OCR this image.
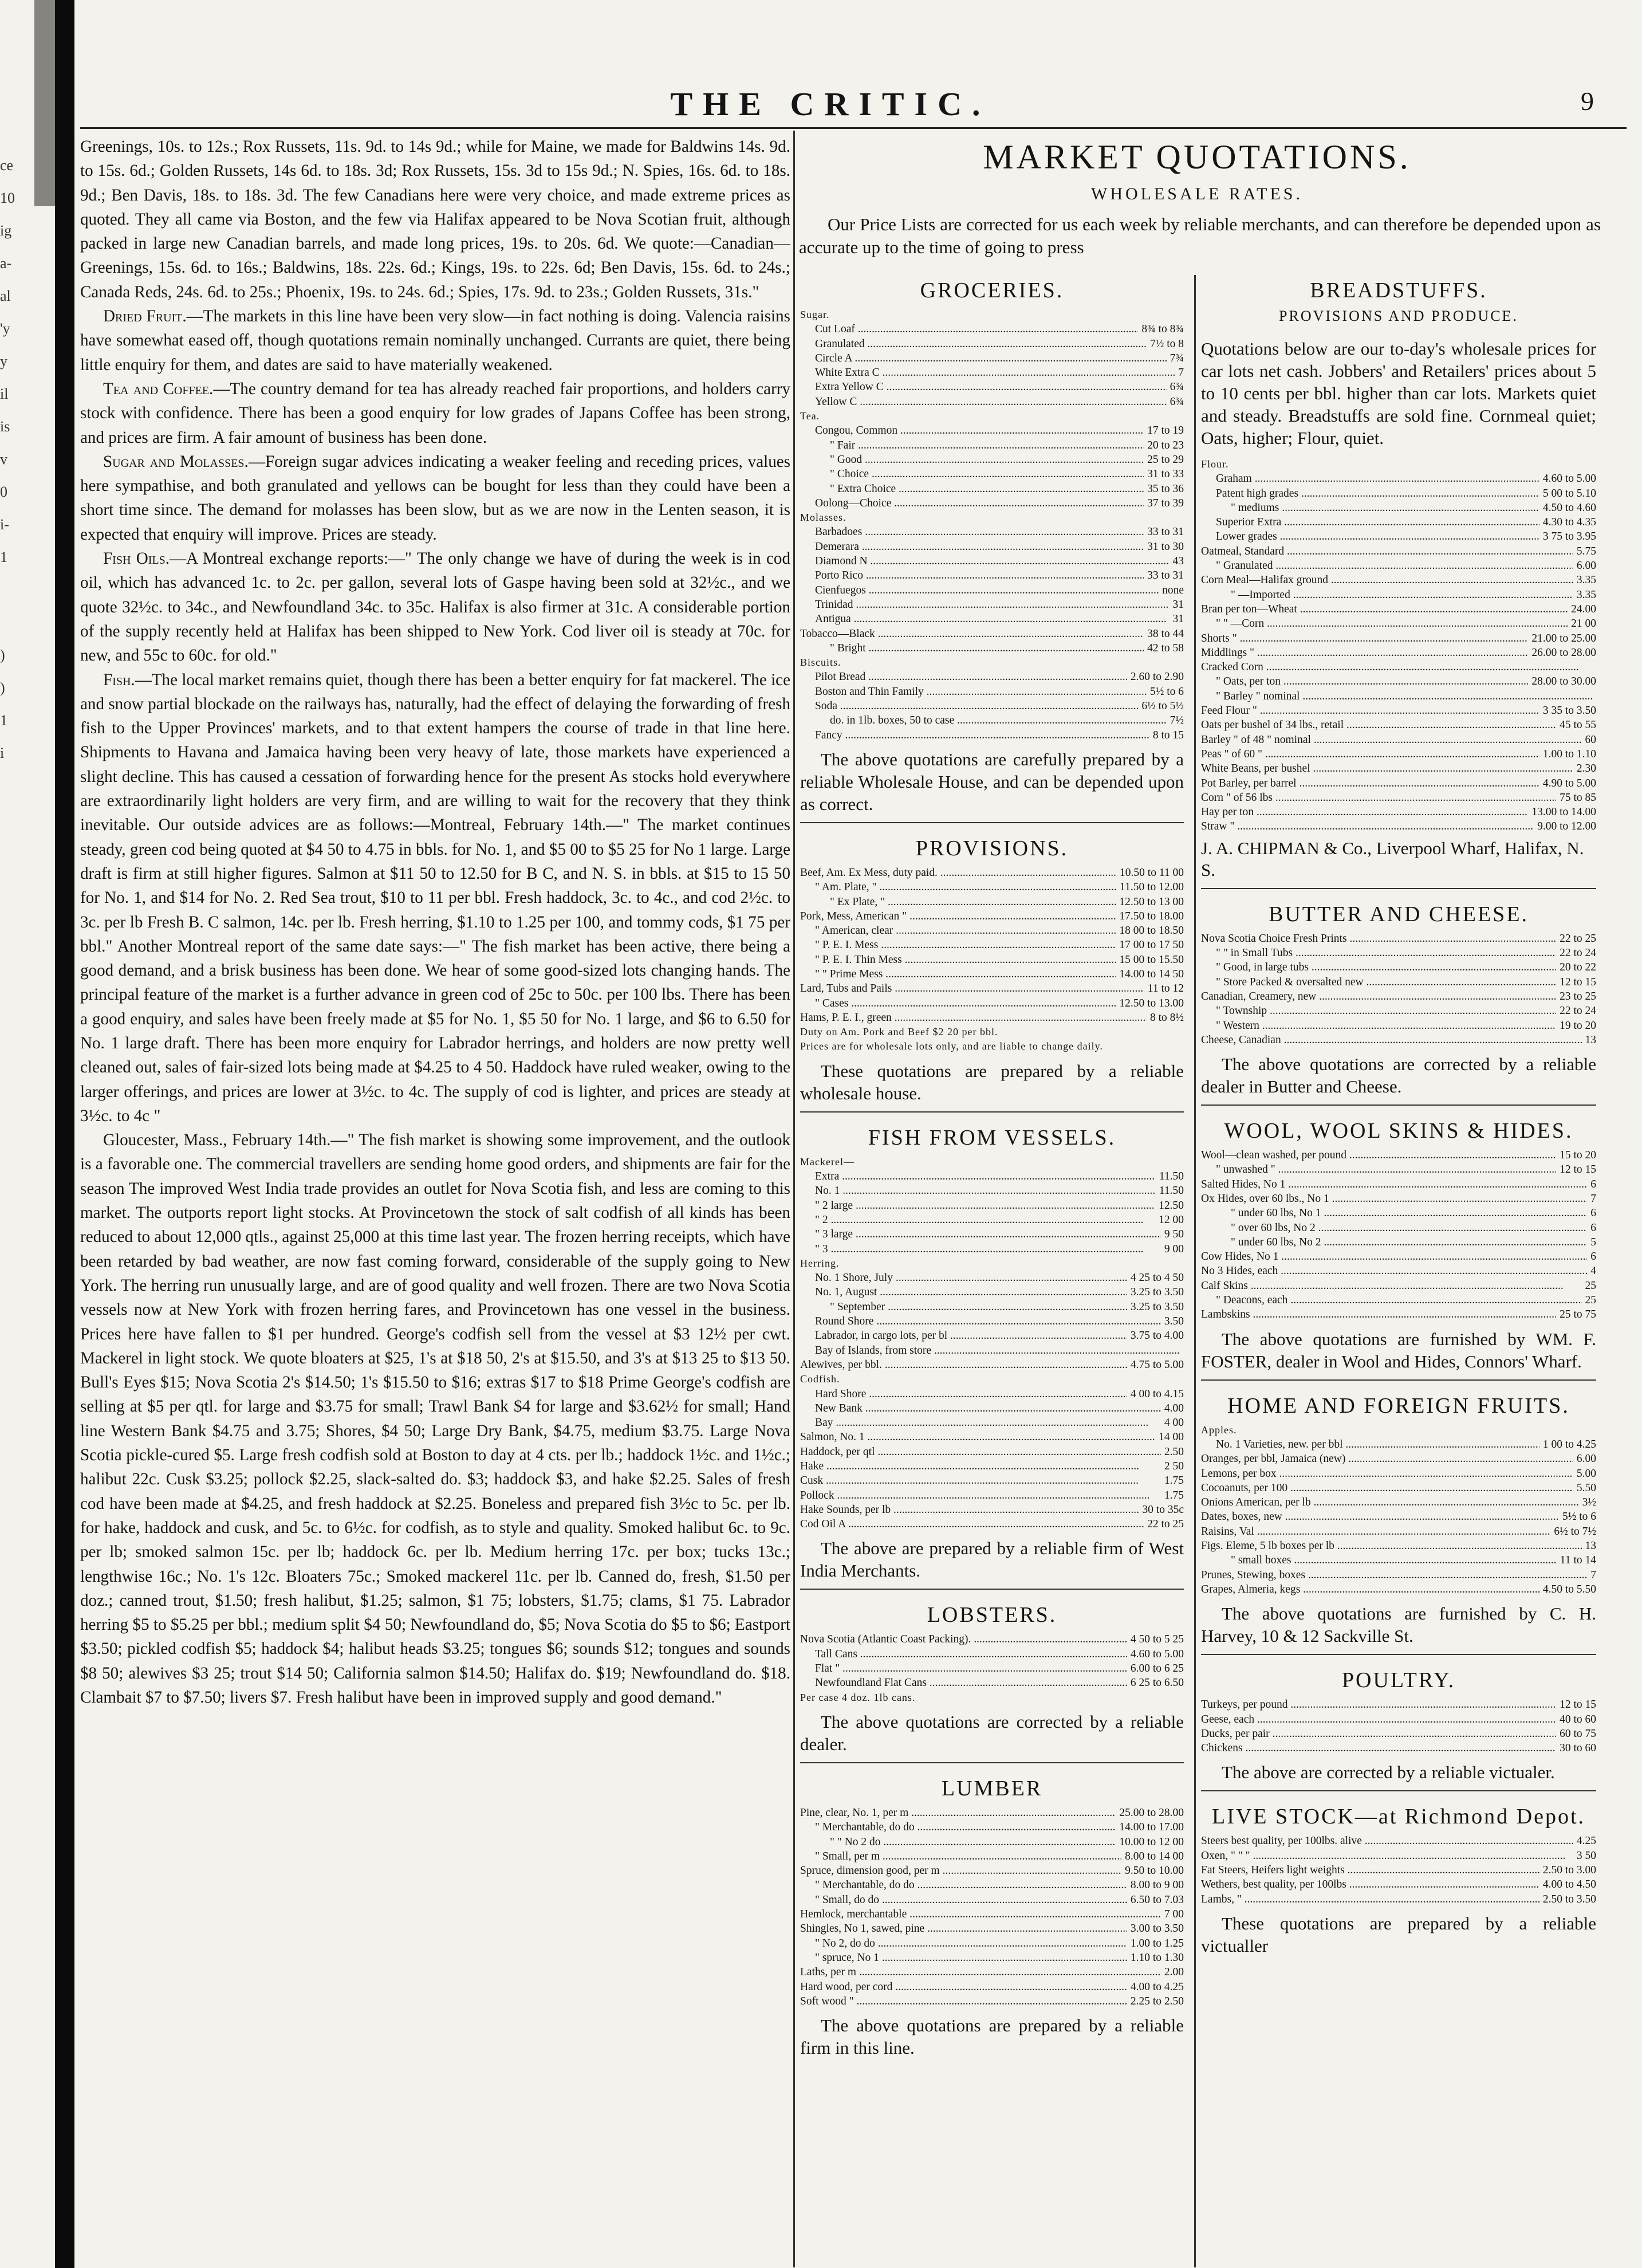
ce
10
ig
a-
al
'y
y
il
is
v
0
i-
1
)
)
1
i
THE CRITIC.	9

Greenings, 10s. to 12s.; Rox Russets, 11s. 9d. to 14s 9d.; while for Maine, we made for Baldwins 14s. 9d. to 15s. 6d.; Golden Russets, 14s 6d. to 18s. 3d; Rox Russets, 15s. 3d to 15s 9d.; N. Spies, 16s. 6d. to 18s. 9d.; Ben Davis, 18s. to 18s. 3d. The few Canadians here were very choice, and made extreme prices as quoted. They all came via Boston, and the few via Halifax appeared to be Nova Scotian fruit, although packed in large new Canadian barrels, and made long prices, 19s. to 20s. 6d. We quote:—Canadian—Greenings, 15s. 6d. to 16s.; Baldwins, 18s. 22s. 6d.; Kings, 19s. to 22s. 6d; Ben Davis, 15s. 6d. to 24s.; Canada Reds, 24s. 6d. to 25s.; Phoenix, 19s. to 24s. 6d.; Spies, 17s. 9d. to 23s.; Golden Russets, 31s."

Dried Fruit.—The markets in this line have been very slow—in fact nothing is doing. Valencia raisins have somewhat eased off, though quotations remain nominally unchanged. Currants are quiet, there being little enquiry for them, and dates are said to have materially weakened.

Tea and Coffee.—The country demand for tea has already reached fair proportions, and holders carry stock with confidence. There has been a good enquiry for low grades of Japans Coffee has been strong, and prices are firm. A fair amount of business has been done.

Sugar and Molasses.—Foreign sugar advices indicating a weaker feeling and receding prices, values here sympathise, and both granulated and yellows can be bought for less than they could have been a short time since. The demand for molasses has been slow, but as we are now in the Lenten season, it is expected that enquiry will improve. Prices are steady.

Fish Oils.—A Montreal exchange reports:—" The only change we have of during the week is in cod oil, which has advanced 1c. to 2c. per gallon, several lots of Gaspe having been sold at 32½c., and we quote 32½c. to 34c., and Newfoundland 34c. to 35c. Halifax is also firmer at 31c. A considerable portion of the supply recently held at Halifax has been shipped to New York. Cod liver oil is steady at 70c. for new, and 55c to 60c. for old."

Fish.—The local market remains quiet, though there has been a better enquiry for fat mackerel. The ice and snow partial blockade on the railways has, naturally, had the effect of delaying the forwarding of fresh fish to the Upper Provinces' markets, and to that extent hampers the course of trade in that line here. Shipments to Havana and Jamaica having been very heavy of late, those markets have experienced a slight decline. This has caused a cessation of forwarding hence for the present As stocks hold everywhere are extraordinarily light holders are very firm, and are willing to wait for the recovery that they think inevitable. Our outside advices are as follows:—Montreal, February 14th.—" The market continues steady, green cod being quoted at $4 50 to 4.75 in bbls. for No. 1, and $5 00 to $5 25 for No 1 large. Large draft is firm at still higher figures. Salmon at $11 50 to 12.50 for B C, and N. S. in bbls. at $15 to 15 50 for No. 1, and $14 for No. 2. Red Sea trout, $10 to 11 per bbl. Fresh haddock, 3c. to 4c., and cod 2½c. to 3c. per lb Fresh B. C salmon, 14c. per lb. Fresh herring, $1.10 to 1.25 per 100, and tommy cods, $1 75 per bbl." Another Montreal report of the same date says:—" The fish market has been active, there being a good demand, and a brisk business has been done. We hear of some good-sized lots changing hands. The principal feature of the market is a further advance in green cod of 25c to 50c. per 100 lbs. There has been a good enquiry, and sales have been freely made at $5 for No. 1, $5 50 for No. 1 large, and $6 to 6.50 for No. 1 large draft. There has been more enquiry for Labrador herrings, and holders are now pretty well cleaned out, sales of fair-sized lots being made at $4.25 to 4 50. Haddock have ruled weaker, owing to the larger offerings, and prices are lower at 3½c. to 4c. The supply of cod is lighter, and prices are steady at 3½c. to 4c "

Gloucester, Mass., February 14th.—" The fish market is showing some improvement, and the outlook is a favorable one. The commercial travellers are sending home good orders, and shipments are fair for the season The improved West India trade provides an outlet for Nova Scotia fish, and less are coming to this market. The outports report light stocks. At Provincetown the stock of salt codfish of all kinds has been reduced to about 12,000 qtls., against 25,000 at this time last year. The frozen herring receipts, which have been retarded by bad weather, are now fast coming forward, considerable of the supply going to New York. The herring run unusually large, and are of good quality and well frozen. There are two Nova Scotia vessels now at New York with frozen herring fares, and Provincetown has one vessel in the business. Prices here have fallen to $1 per hundred. George's codfish sell from the vessel at $3 12½ per cwt. Mackerel in light stock. We quote bloaters at $25, 1's at $18 50, 2's at $15.50, and 3's at $13 25 to $13 50. Bull's Eyes $15; Nova Scotia 2's $14.50; 1's $15.50 to $16; extras $17 to $18 Prime George's codfish are selling at $5 per qtl. for large and $3.75 for small; Trawl Bank $4 for large and $3.62½ for small; Hand line Western Bank $4.75 and 3.75; Shores, $4 50; Large Dry Bank, $4.75, medium $3.75. Large Nova Scotia pickle-cured $5. Large fresh codfish sold at Boston to day at 4 cts. per lb.; haddock 1½c. and 1½c.; halibut 22c. Cusk $3.25; pollock $2.25, slack-salted do. $3; haddock $3, and hake $2.25. Sales of fresh cod have been made at $4.25, and fresh haddock at $2.25. Boneless and prepared fish 3½c to 5c. per lb. for hake, haddock and cusk, and 5c. to 6½c. for codfish, as to style and quality. Smoked halibut 6c. to 9c. per lb; smoked salmon 15c. per lb; haddock 6c. per lb. Medium herring 17c. per box; tucks 13c.; lengthwise 16c.; No. 1's 12c. Bloaters 75c.; Smoked mackerel 11c. per lb. Canned do, fresh, $1.50 per doz.; canned trout, $1.50; fresh halibut, $1.25; salmon, $1 75; lobsters, $1.75; clams, $1 75. Labrador herring $5 to $5.25 per bbl.; medium split $4 50; Newfoundland do, $5; Nova Scotia do $5 to $6; Eastport $3.50; pickled codfish $5; haddock $4; halibut heads $3.25; tongues $6; sounds $12; tongues and sounds $8 50; alewives $3 25; trout $14 50; California salmon $14.50; Halifax do. $19; Newfoundland do. $18. Clambait $7 to $7.50; livers $7. Fresh halibut have been in improved supply and good demand."

MARKET QUOTATIONS.
WHOLESALE RATES.
Our Price Lists are corrected for us each week by reliable merchants, and can therefore be depended upon as accurate up to the time of going to press
GROCERIES.
Sugar.
Cut Loaf .....	8¾ to 8¾
Granulated .....	7½ to 8
Circle A .....	7¾
White Extra C .....	7
Extra Yellow C .....	6¾
Yellow C .....	6¾
Tea.
Congou, Common .....	17 to 19
" Fair .....	20 to 23
" Good .....	25 to 29
" Choice .....	31 to 33
" Extra Choice .....	35 to 36
Oolong—Choice .....	37 to 39
Molasses.
Barbadoes .....	33 to 31
Demerara .....	31 to 30
Diamond N .....	43
Porto Rico .....	33 to 31
Cienfuegos .....	none
Trinidad .....	31
Antigua .....	31
Tobacco—Black .....	38 to 44
" Bright .....	42 to 58
Biscuits.
Pilot Bread .....	2.60 to 2.90
Boston and Thin Family .....	5½ to 6
Soda .....	6½ to 5½
do. in 1lb. boxes, 50 to case .....	7½
Fancy .....	8 to 15

The above quotations are carefully prepared by a reliable Wholesale House, and can be depended upon as correct.

PROVISIONS.
Beef, Am. Ex Mess, duty paid. .....	10.50 to 11 00
" Am. Plate, " .....	11.50 to 12.00
" Ex Plate, " .....	12.50 to 13 00
Pork, Mess, American " .....	17.50 to 18.00
" American, clear .....	18 00 to 18.50
" P. E. I. Mess .....	17 00 to 17 50
" P. E. I. Thin Mess .....	15 00 to 15.50
" " Prime Mess .....	14.00 to 14 50
Lard, Tubs and Pails .....	11 to 12
" Cases .....	12.50 to 13.00
Hams, P. E. I., green .....	8 to 8½
Duty on Am. Pork and Beef $2 20 per bbl.
Prices are for wholesale lots only, and are liable to change daily.

These quotations are prepared by a reliable wholesale house.

FISH FROM VESSELS.
Mackerel—
Extra .....	11.50
No. 1 .....	11.50
" 2 large .....	12.50
" 2 .....	12 00
" 3 large .....	9 50
" 3 .....	9 00
Herring.
No. 1 Shore, July .....	4 25 to 4 50
No. 1, August .....	3.25 to 3.50
" September .....	3.25 to 3.50
Round Shore .....	3.50
Labrador, in cargo lots, per bl .....	3.75 to 4.00
Bay of Islands, from store .....
Alewives, per bbl. .....	4.75 to 5.00
Codfish.
Hard Shore .....	4 00 to 4.15
New Bank .....	4.00
Bay .....	4 00
Salmon, No. 1 .....	14 00
Haddock, per qtl .....	2.50
Hake .....	2 50
Cusk .....	1.75
Pollock .....	1.75
Hake Sounds, per lb .....	30 to 35c
Cod Oil A .....	22 to 25

The above are prepared by a reliable firm of West India Merchants.

LOBSTERS.
Nova Scotia (Atlantic Coast Packing). .....	4 50 to 5 25
Tall Cans .....	4.60 to 5.00
Flat " .....	6.00 to 6 25
Newfoundland Flat Cans .....	6 25 to 6.50
Per case 4 doz. 1lb cans.

The above quotations are corrected by a reliable dealer.

LUMBER
Pine, clear, No. 1, per m .....	25.00 to 28.00
" Merchantable, do do .....	14.00 to 17.00
" " No 2 do .....	10.00 to 12 00
" Small, per m .....	8.00 to 14 00
Spruce, dimension good, per m .....	9.50 to 10.00
" Merchantable, do do .....	8.00 to 9 00
" Small, do do .....	6.50 to 7.03
Hemlock, merchantable .....	7 00
Shingles, No 1, sawed, pine .....	3.00 to 3.50
" No 2, do do .....	1.00 to 1.25
" spruce, No 1 .....	1.10 to 1.30
Laths, per m .....	2.00
Hard wood, per cord .....	4.00 to 4.25
Soft wood " .....	2.25 to 2.50

The above quotations are prepared by a reliable firm in this line.

BREADSTUFFS.
PROVISIONS AND PRODUCE.
Quotations below are our to-day's wholesale prices for car lots net cash. Jobbers' and Retailers' prices about 5 to 10 cents per bbl. higher than car lots. Markets quiet and steady. Breadstuffs are sold fine. Cornmeal quiet; Oats, higher; Flour, quiet.
Flour.
Graham .....	4.60 to 5.00
Patent high grades .....	5 00 to 5.10
" mediums .....	4.50 to 4.60
Superior Extra .....	4.30 to 4.35
Lower grades .....	3 75 to 3.95
Oatmeal, Standard .....	5.75
" Granulated .....	6.00
Corn Meal—Halifax ground .....	3.35
" —Imported .....	3.35
Bran per ton—Wheat .....	24.00
" " —Corn .....	21 00
Shorts " .....	21.00 to 25.00
Middlings " .....	26.00 to 28.00
Cracked Corn .....
" Oats, per ton .....	28.00 to 30.00
" Barley " nominal .....
Feed Flour " .....	3 35 to 3.50
Oats per bushel of 34 lbs., retail .....	45 to 55
Barley " of 48 " nominal .....	60
Peas " of 60 " .....	1.00 to 1.10
White Beans, per bushel .....	2.30
Pot Barley, per barrel .....	4.90 to 5.00
Corn " of 56 lbs .....	75 to 85
Hay per ton .....	13.00 to 14.00
Straw " .....	9.00 to 12.00
J. A. CHIPMAN & Co., Liverpool Wharf, Halifax, N. S.
BUTTER AND CHEESE.
Nova Scotia Choice Fresh Prints .....	22 to 25
" " in Small Tubs .....	22 to 24
" Good, in large tubs .....	20 to 22
" Store Packed & oversalted new .....	12 to 15
Canadian, Creamery, new .....	23 to 25
" Township .....	22 to 24
" Western .....	19 to 20
Cheese, Canadian .....	13

The above quotations are corrected by a reliable dealer in Butter and Cheese.

WOOL, WOOL SKINS & HIDES.
Wool—clean washed, per pound .....	15 to 20
" unwashed " .....	12 to 15
Salted Hides, No 1 .....	6
Ox Hides, over 60 lbs., No 1 .....	7
" under 60 lbs, No 1 .....	6
" over 60 lbs, No 2 .....	6
" under 60 lbs, No 2 .....	5
Cow Hides, No 1 .....	6
No 3 Hides, each .....	4
Calf Skins .....	25
" Deacons, each .....	25
Lambskins .....	25 to 75

The above quotations are furnished by WM. F. FOSTER, dealer in Wool and Hides, Connors' Wharf.

HOME AND FOREIGN FRUITS.
Apples.
No. 1 Varieties, new. per bbl .....	1 00 to 4.25
Oranges, per bbl, Jamaica (new) .....	6.00
Lemons, per box .....	5.00
Cocoanuts, per 100 .....	5.50
Onions American, per lb .....	3½
Dates, boxes, new .....	5½ to 6
Raisins, Val .....	6½ to 7½
Figs. Eleme, 5 lb boxes per lb .....	13
" small boxes .....	11 to 14
Prunes, Stewing, boxes .....	7
Grapes, Almeria, kegs .....	4.50 to 5.50

The above quotations are furnished by C. H. Harvey, 10 & 12 Sackville St.

POULTRY.
Turkeys, per pound .....	12 to 15
Geese, each .....	40 to 60
Ducks, per pair .....	60 to 75
Chickens .....	30 to 60

The above are corrected by a reliable victualer.

LIVE STOCK—at Richmond Depot.
Steers best quality, per 100lbs. alive .....	4.25
Oxen, " " " .....	3 50
Fat Steers, Heifers light weights .....	2.50 to 3.00
Wethers, best quality, per 100lbs .....	4.00 to 4.50
Lambs, " .....	2.50 to 3.50

These quotations are prepared by a reliable victualler
